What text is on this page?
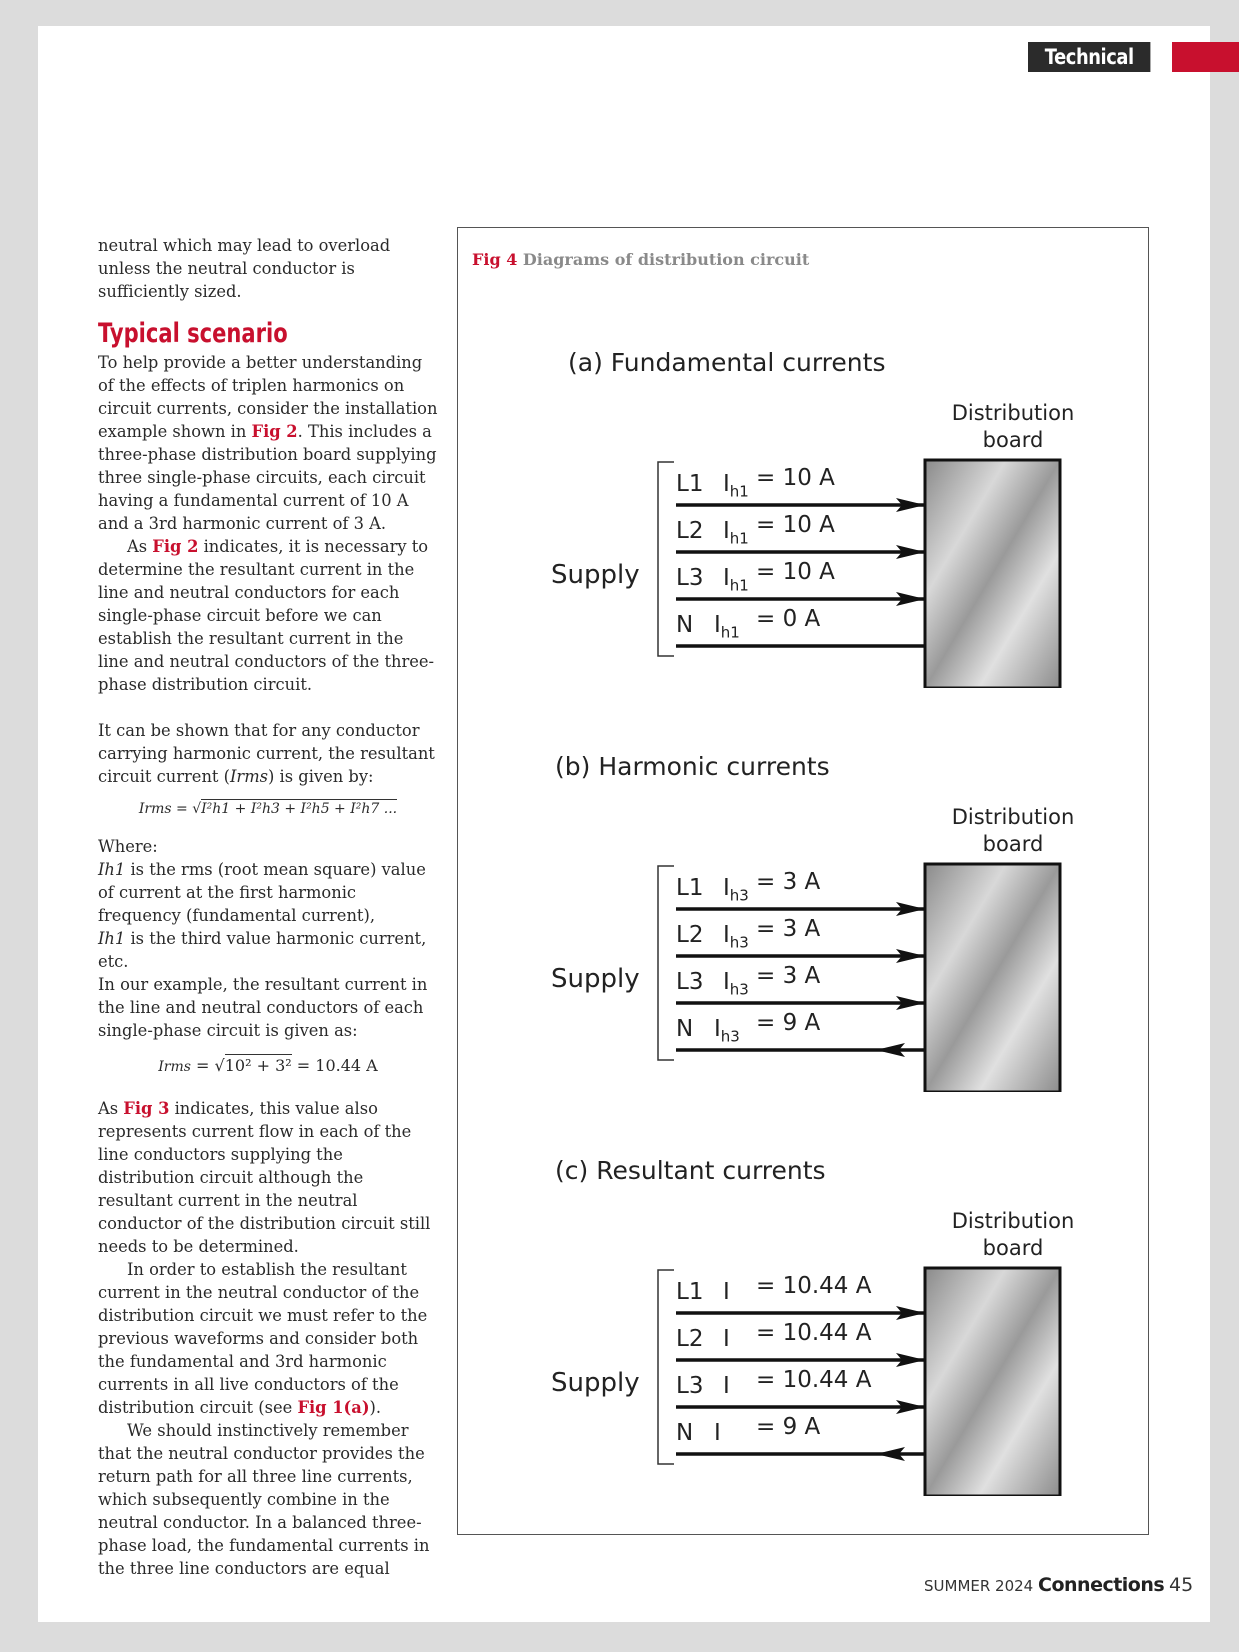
Technical

neutral which may lead to overload unless the neutral conductor is sufficiently sized.

Typical scenario

To help provide a better understanding of the effects of triplen harmonics on circuit currents, consider the installation example shown in Fig 2. This includes a three-phase distribution board supplying three single-phase circuits, each circuit having a fundamental current of 10 A and a 3rd harmonic current of 3 A.

As Fig 2 indicates, it is necessary to determine the resultant current in the line and neutral conductors for each single-phase circuit before we can establish the resultant current in the line and neutral conductors of the three-phase distribution circuit.

It can be shown that for any conductor carrying harmonic current, the resultant circuit current (Irms) is given by:

Irms = √I²h1 + I²h3 + I²h5 + I²h7 ...

Where:

Ih1 is the rms (root mean square) value of current at the first harmonic frequency (fundamental current),

Ih1 is the third value harmonic current, etc.

In our example, the resultant current in the line and neutral conductors of each single-phase circuit is given as:

Irms = √10² + 3² = 10.44 A

As Fig 3 indicates, this value also represents current flow in each of the line conductors supplying the distribution circuit although the resultant current in the neutral conductor of the distribution circuit still needs to be determined.

In order to establish the resultant current in the neutral conductor of the distribution circuit we must refer to the previous waveforms and consider both the fundamental and 3rd harmonic currents in all live conductors of the distribution circuit (see Fig 1(a)).

We should instinctively remember that the neutral conductor provides the return path for all three line currents, which subsequently combine in the neutral conductor. In a balanced three-phase load, the fundamental currents in the three line conductors are equal

Fig 4 Diagrams of distribution circuit
(a) Fundamental currents
Distribution
board
Supply
L1 $I_{h1}$
= 10 A
L2 $I_{h1}$
= 10 A
L3 $I_{h1}$
= 10 A
N $I_{h1}$
= 0 A
(b) Harmonic currents
Distribution
board
Supply
L1 $I_{h3}$
= 3 A
L2 $I_{h3}$
= 3 A
L3 $I_{h3}$
= 3 A
N $I_{h3}$
= 9 A
(c) Resultant currents
Distribution
board
Supply
L1 I = 10.44 A
L2 I = 10.44 A
L3 I = 10.44 A
N I = 9 A
SUMMER 2024 Connections 45
